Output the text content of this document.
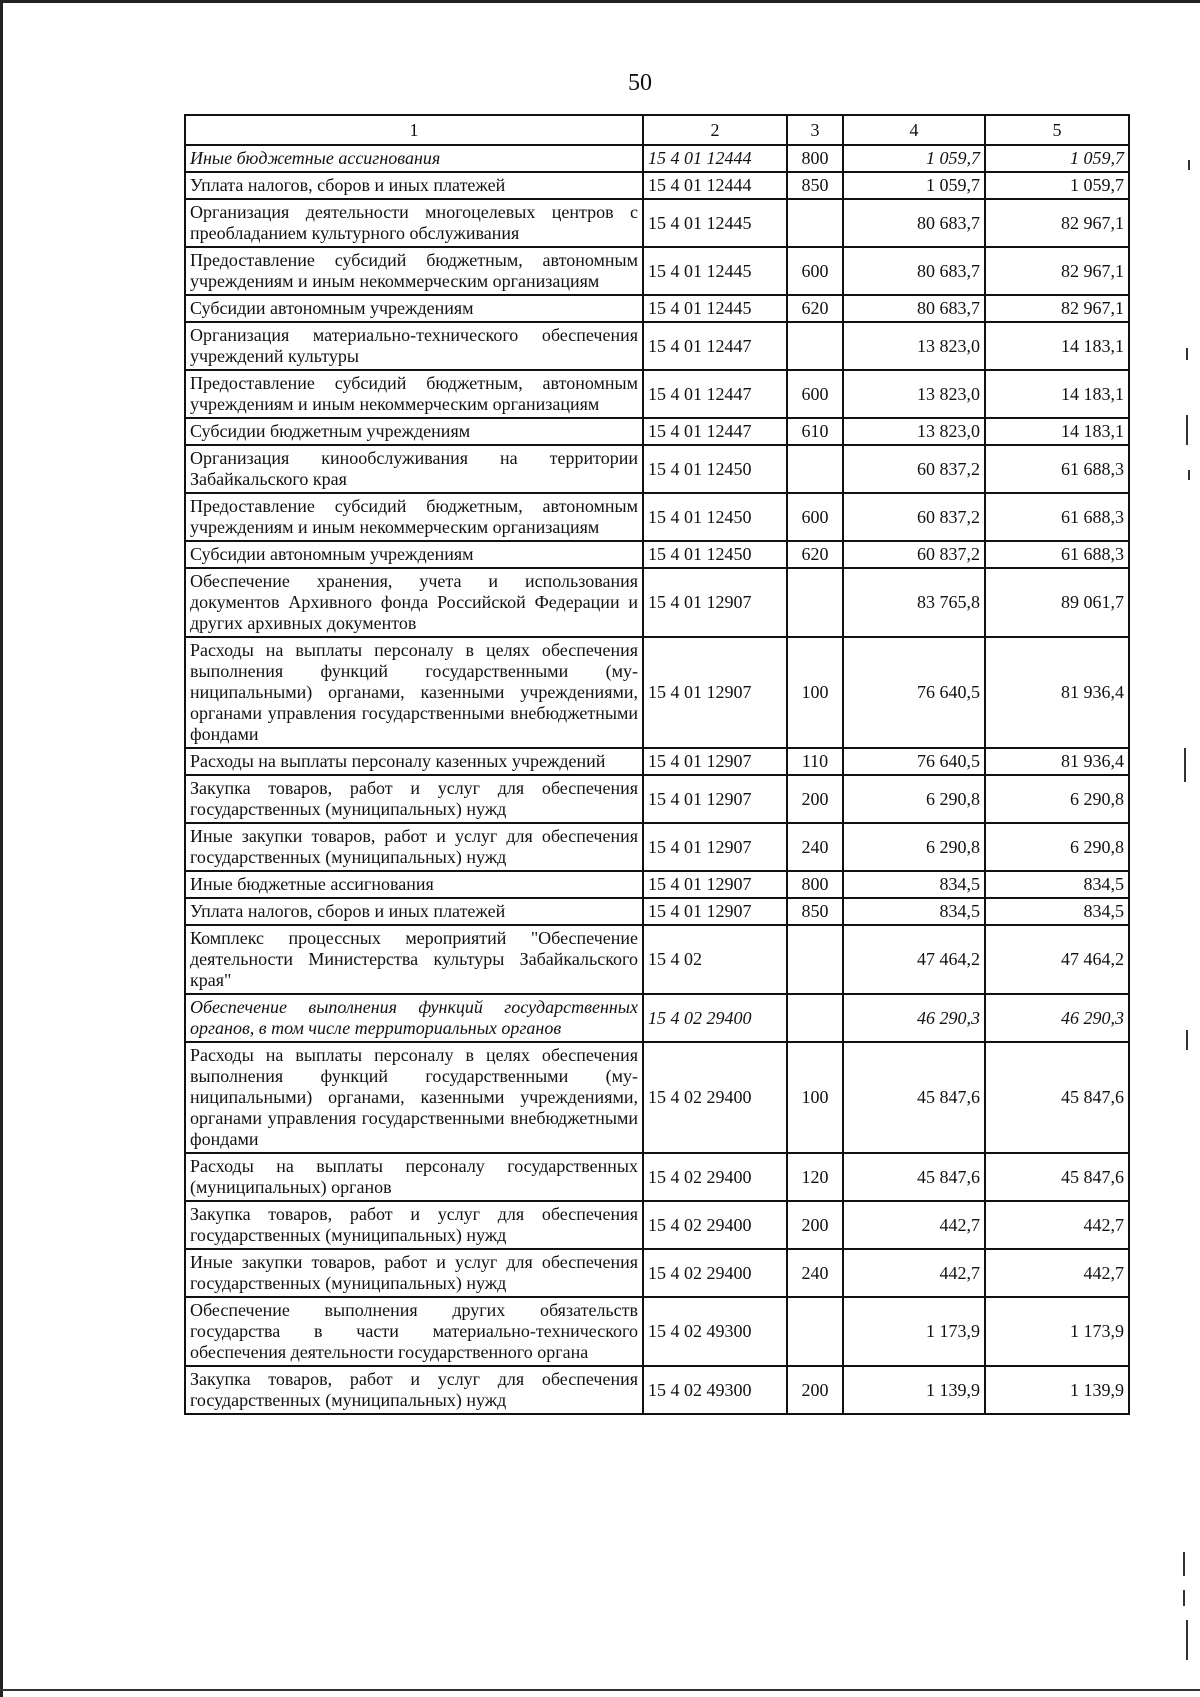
50
1	2	3	4	5
Иные бюджетные ассигнования	15 4 01 12444	800	1 059,7	1 059,7
Уплата налогов, сборов и иных платежей	15 4 01 12444	850	1 059,7	1 059,7
Организация деятельности многоцелевых центров с преобладанием культурного обслуживания	15 4 01 12445		80 683,7	82 967,1
Предоставление субсидий бюджетным, автономным учреждениям и иным некоммерческим организациям	15 4 01 12445	600	80 683,7	82 967,1
Субсидии автономным учреждениям	15 4 01 12445	620	80 683,7	82 967,1
Организация материально-технического обеспечения учреждений культуры	15 4 01 12447		13 823,0	14 183,1
Предоставление субсидий бюджетным, автономным учреждениям и иным некоммерческим организациям	15 4 01 12447	600	13 823,0	14 183,1
Субсидии бюджетным учреждениям	15 4 01 12447	610	13 823,0	14 183,1
Организация кинообслуживания на территории Забайкальского края	15 4 01 12450		60 837,2	61 688,3
Предоставление субсидий бюджетным, автономным учреждениям и иным некоммерческим организациям	15 4 01 12450	600	60 837,2	61 688,3
Субсидии автономным учреждениям	15 4 01 12450	620	60 837,2	61 688,3
Обеспечение хранения, учета и использования документов Архивного фонда Российской Федерации и других архивных документов	15 4 01 12907		83 765,8	89 061,7
Расходы на выплаты персоналу в целях обеспечения выполнения функций государственными (муниципальными) органами, казенными учреждениями, органами управления государственными внебюджетными фондами	15 4 01 12907	100	76 640,5	81 936,4
Расходы на выплаты персоналу казенных учреждений	15 4 01 12907	110	76 640,5	81 936,4
Закупка товаров, работ и услуг для обеспечения государственных (муниципальных) нужд	15 4 01 12907	200	6 290,8	6 290,8
Иные закупки товаров, работ и услуг для обеспечения государственных (муниципальных) нужд	15 4 01 12907	240	6 290,8	6 290,8
Иные бюджетные ассигнования	15 4 01 12907	800	834,5	834,5
Уплата налогов, сборов и иных платежей	15 4 01 12907	850	834,5	834,5
Комплекс процессных мероприятий "Обеспечение деятельности Министерства культуры Забайкальского края"	15 4 02		47 464,2	47 464,2
Обеспечение выполнения функций государственных органов, в том числе территориальных органов	15 4 02 29400		46 290,3	46 290,3
Расходы на выплаты персоналу в целях обеспечения выполнения функций государственными (муниципальными) органами, казенными учреждениями, органами управления государственными внебюджетными фондами	15 4 02 29400	100	45 847,6	45 847,6
Расходы на выплаты персоналу государственных (муниципальных) органов	15 4 02 29400	120	45 847,6	45 847,6
Закупка товаров, работ и услуг для обеспечения государственных (муниципальных) нужд	15 4 02 29400	200	442,7	442,7
Иные закупки товаров, работ и услуг для обеспечения государственных (муниципальных) нужд	15 4 02 29400	240	442,7	442,7
Обеспечение выполнения других обязательств государства в части материально-технического обеспечения деятельности государственного органа	15 4 02 49300		1 173,9	1 173,9
Закупка товаров, работ и услуг для обеспечения государственных (муниципальных) нужд	15 4 02 49300	200	1 139,9	1 139,9
